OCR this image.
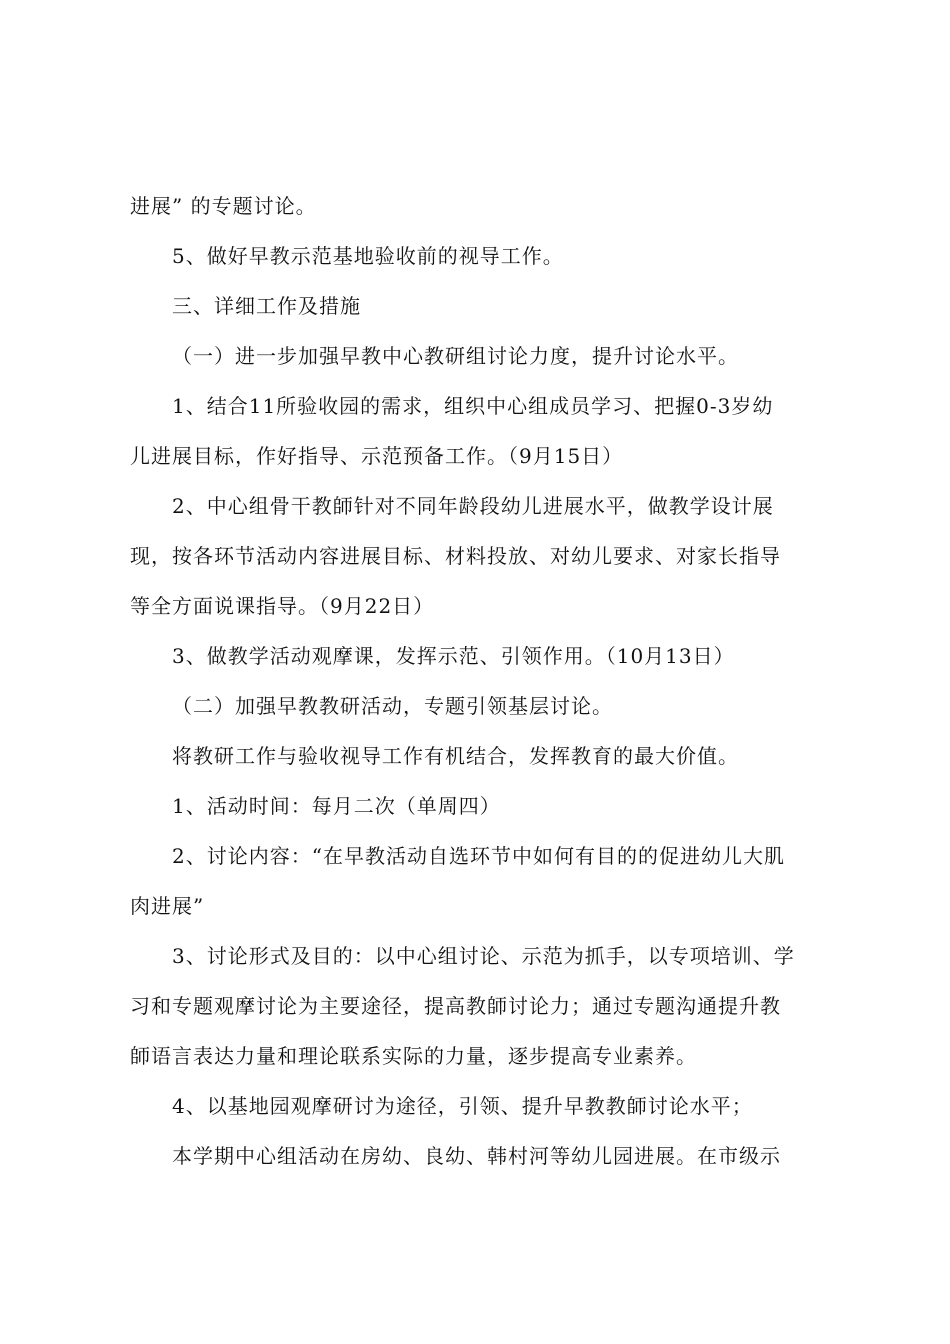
进展” 的专题讨论。
5、做好早教示范基地验收前的视导工作。
三、详细工作及措施
（一）进一步加强早教中心教研组讨论力度，提升讨论水平。
1、结合11所验收园的需求，组织中心组成员学习、把握0-3岁幼
儿进展目标，作好指导、示范预备工作。（9月15日）
2、中心组骨干教師针对不同年龄段幼儿进展水平，做教学设计展
现，按各环节活动内容进展目标、材料投放、对幼儿要求、对家长指导
等全方面说课指导。（9月22日）
3、做教学活动观摩课，发挥示范、引领作用。（10月13日）
（二）加强早教教研活动，专题引领基层讨论。
将教研工作与验收视导工作有机结合，发挥教育的最大价值。
1、活动时间：每月二次（单周四）
2、讨论内容：“在早教活动自选环节中如何有目的的促进幼儿大肌
肉进展”
3、讨论形式及目的：以中心组讨论、示范为抓手，以专项培训、学
习和专题观摩讨论为主要途径，提高教師讨论力；通过专题沟通提升教
師语言表达力量和理论联系实际的力量，逐步提高专业素养。
4、以基地园观摩研讨为途径，引领、提升早教教師讨论水平；
本学期中心组活动在房幼、良幼、韩村河等幼儿园进展。在市级示
